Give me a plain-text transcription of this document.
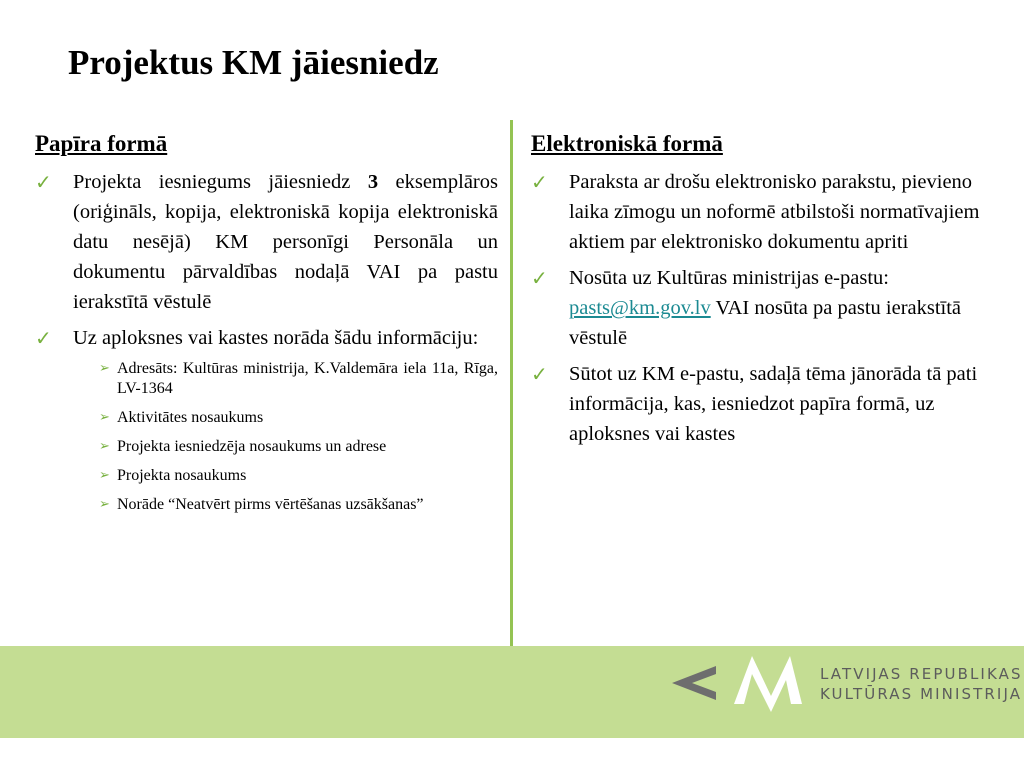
Projektus KM jāiesniedz
Papīra formā
✓ Projekta iesniegums jāiesniedz 3 eksemplāros (oriģināls, kopija, elektroniskā kopija elektroniskā datu nesējā) KM personīgi Personāla un dokumentu pārvaldības nodaļā VAI pa pastu ierakstītā vēstulē
✓ Uz aploksnes vai kastes norāda šādu informāciju:
➢ Adresāts: Kultūras ministrija, K.Valdemāra iela 11a, Rīga, LV-1364
➢ Aktivitātes nosaukums
➢ Projekta iesniedzēja nosaukums un adrese
➢ Projekta nosaukums
➢ Norāde “Neatvērt pirms vērtēšanas uzsākšanas”
Elektroniskā formā
✓ Paraksta ar drošu elektronisko parakstu, pievieno laika zīmogu un noformē atbilstoši normatīvajiem aktiem par elektronisko dokumentu apriti
✓ Nosūta uz Kultūras ministrijas e-pastu: pasts@km.gov.lv VAI nosūta pa pastu ierakstītā vēstulē
✓ Sūtot uz KM e-pastu, sadaļā tēma jānorāda tā pati informācija, kas, iesniedzot papīra formā, uz aploksnes vai kastes
LATVIJAS REPUBLIKAS
KULTŪRAS MINISTRIJA
